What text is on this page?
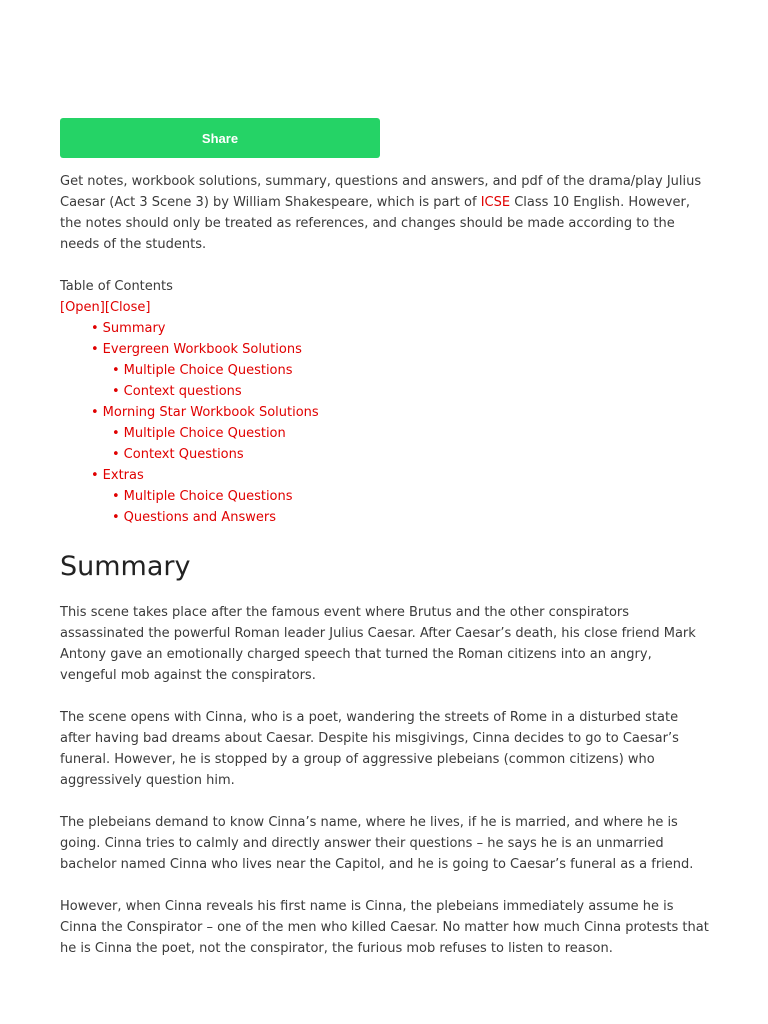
Share

Get notes, workbook solutions, summary, questions and answers, and pdf of the drama/play Julius Caesar (Act 3 Scene 3) by William Shakespeare, which is part of ICSE Class 10 English. However, the notes should only be treated as references, and changes should be made according to the needs of the students.

Table of Contents
[Open][Close]
• Summary
• Evergreen Workbook Solutions
• Multiple Choice Questions
• Context questions
• Morning Star Workbook Solutions
• Multiple Choice Question
• Context Questions
• Extras
• Multiple Choice Questions
• Questions and Answers
Summary

This scene takes place after the famous event where Brutus and the other conspirators assassinated the powerful Roman leader Julius Caesar. After Caesar’s death, his close friend Mark Antony gave an emotionally charged speech that turned the Roman citizens into an angry, vengeful mob against the conspirators.

The scene opens with Cinna, who is a poet, wandering the streets of Rome in a disturbed state after having bad dreams about Caesar. Despite his misgivings, Cinna decides to go to Caesar’s funeral. However, he is stopped by a group of aggressive plebeians (common citizens) who aggressively question him.

The plebeians demand to know Cinna’s name, where he lives, if he is married, and where he is going. Cinna tries to calmly and directly answer their questions – he says he is an unmarried bachelor named Cinna who lives near the Capitol, and he is going to Caesar’s funeral as a friend.

However, when Cinna reveals his first name is Cinna, the plebeians immediately assume he is Cinna the Conspirator – one of the men who killed Caesar. No matter how much Cinna protests that he is Cinna the poet, not the conspirator, the furious mob refuses to listen to reason.
